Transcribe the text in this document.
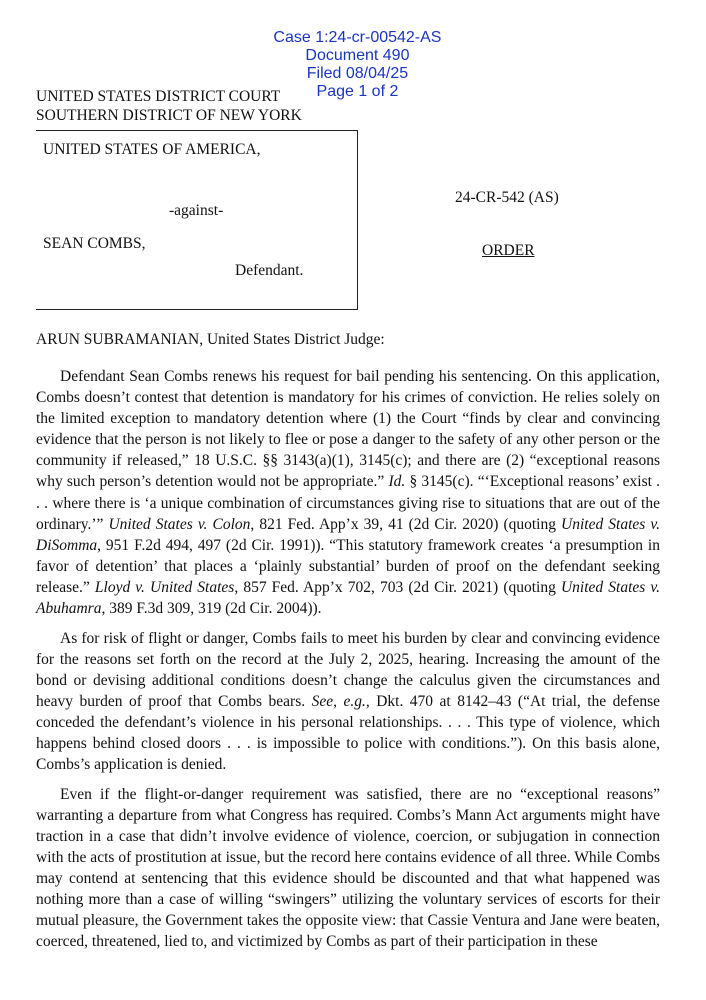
Case 1:24-cr-00542-AS
Document 490
Filed 08/04/25
Page 1 of 2

UNITED STATES DISTRICT COURT
SOUTHERN DISTRICT OF NEW YORK
UNITED STATES OF AMERICA,
-against-
SEAN COMBS,
Defendant.
24-CR-542 (AS)
ORDER
ARUN SUBRAMANIAN, United States District Judge:

Defendant Sean Combs renews his request for bail pending his sentencing. On this application, Combs doesn’t contest that detention is mandatory for his crimes of conviction. He relies solely on the limited exception to mandatory detention where (1) the Court “finds by clear and convincing evidence that the person is not likely to flee or pose a danger to the safety of any other person or the community if released,” 18 U.S.C. §§ 3143(a)(1), 3145(c); and there are (2) “exceptional reasons why such person’s detention would not be appropriate.” Id. § 3145(c). “‘Exceptional reasons’ exist . . . where there is ‘a unique combination of circumstances giving rise to situations that are out of the ordinary.’” United States v. Colon, 821 Fed. App’x 39, 41 (2d Cir. 2020) (quoting United States v. DiSomma, 951 F.2d 494, 497 (2d Cir. 1991)). “This statutory framework creates ‘a presumption in favor of detention’ that places a ‘plainly substantial’ burden of proof on the defendant seeking release.” Lloyd v. United States, 857 Fed. App’x 702, 703 (2d Cir. 2021) (quoting United States v. Abuhamra, 389 F.3d 309, 319 (2d Cir. 2004)).

As for risk of flight or danger, Combs fails to meet his burden by clear and convincing evidence for the reasons set forth on the record at the July 2, 2025, hearing. Increasing the amount of the bond or devising additional conditions doesn’t change the calculus given the circumstances and heavy burden of proof that Combs bears. See, e.g., Dkt. 470 at 8142–43 (“At trial, the defense conceded the defendant’s violence in his personal relationships. . . . This type of violence, which happens behind closed doors . . . is impossible to police with conditions.”). On this basis alone, Combs’s application is denied.

Even if the flight-or-danger requirement was satisfied, there are no “exceptional reasons” warranting a departure from what Congress has required. Combs’s Mann Act arguments might have traction in a case that didn’t involve evidence of violence, coercion, or subjugation in connection with the acts of prostitution at issue, but the record here contains evidence of all three. While Combs may contend at sentencing that this evidence should be discounted and that what happened was nothing more than a case of willing “swingers” utilizing the voluntary services of escorts for their mutual pleasure, the Government takes the opposite view: that Cassie Ventura and Jane were beaten, coerced, threatened, lied to, and victimized by Combs as part of their participation in these
